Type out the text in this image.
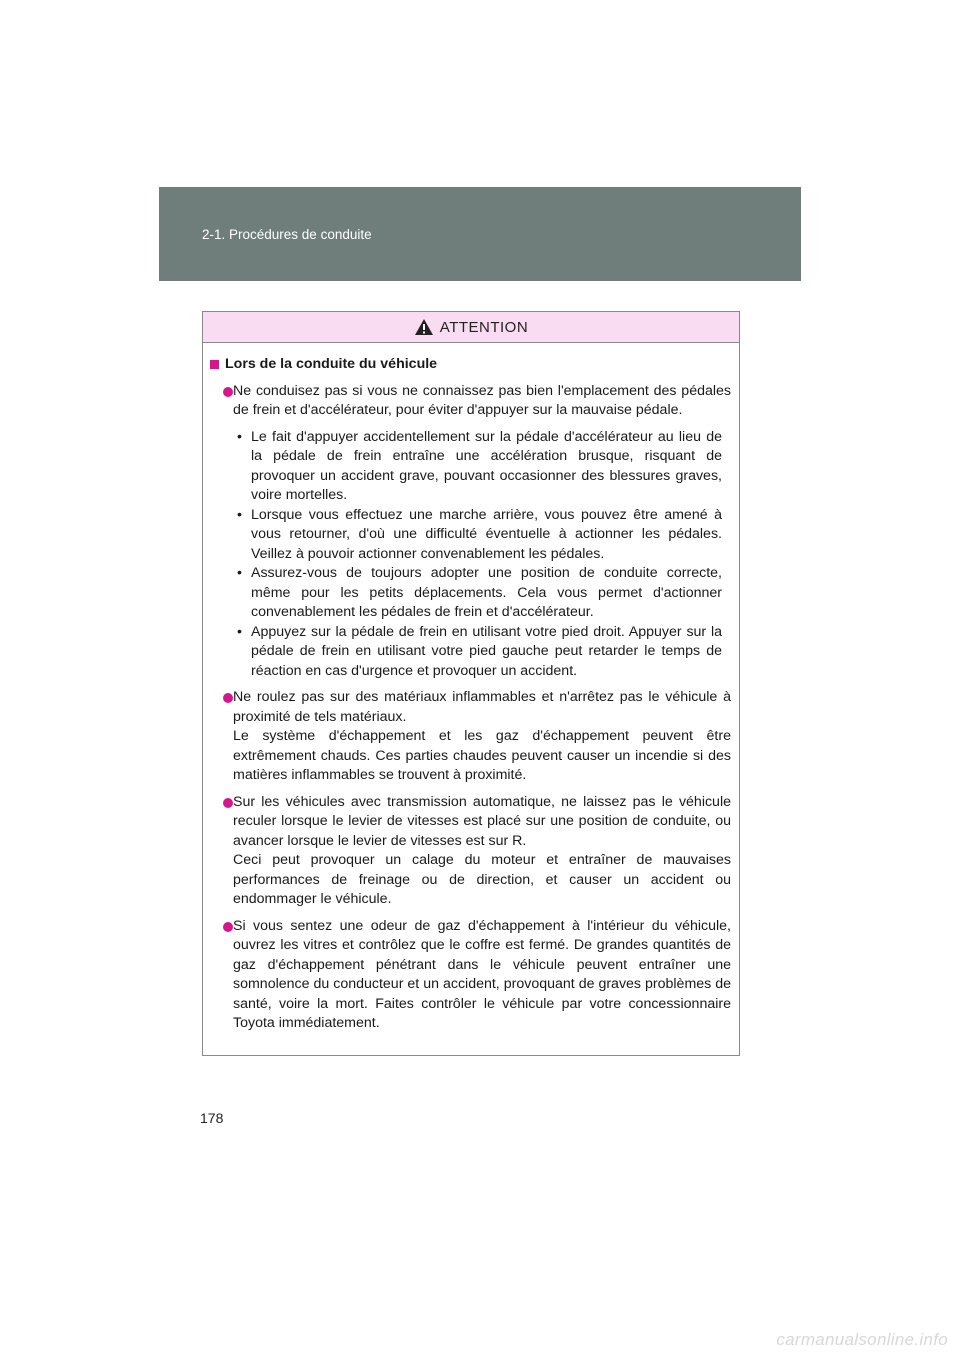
2-1. Procédures de conduite
ATTENTION
Lors de la conduite du véhicule

Ne conduisez pas si vous ne connaissez pas bien l'emplacement des pédales de frein et d'accélérateur, pour éviter d'appuyer sur la mauvaise pédale.

• Le fait d'appuyer accidentellement sur la pédale d'accélérateur au lieu de la pédale de frein entraîne une accélération brusque, risquant de provoquer un accident grave, pouvant occasionner des blessures graves, voire mortelles.
• Lorsque vous effectuez une marche arrière, vous pouvez être amené à vous retourner, d'où une difficulté éventuelle à actionner les pédales. Veillez à pouvoir actionner convenablement les pédales.
• Assurez-vous de toujours adopter une position de conduite correcte, même pour les petits déplacements. Cela vous permet d'actionner convenablement les pédales de frein et d'accélérateur.
• Appuyez sur la pédale de frein en utilisant votre pied droit. Appuyer sur la pédale de frein en utilisant votre pied gauche peut retarder le temps de réaction en cas d'urgence et provoquer un accident.

Ne roulez pas sur des matériaux inflammables et n'arrêtez pas le véhicule à proximité de tels matériaux.

Le système d'échappement et les gaz d'échappement peuvent être extrêmement chauds. Ces parties chaudes peuvent causer un incendie si des matières inflammables se trouvent à proximité.

Sur les véhicules avec transmission automatique, ne laissez pas le véhicule reculer lorsque le levier de vitesses est placé sur une position de conduite, ou avancer lorsque le levier de vitesses est sur R.

Ceci peut provoquer un calage du moteur et entraîner de mauvaises performances de freinage ou de direction, et causer un accident ou endommager le véhicule.

Si vous sentez une odeur de gaz d'échappement à l'intérieur du véhicule, ouvrez les vitres et contrôlez que le coffre est fermé. De grandes quantités de gaz d'échappement pénétrant dans le véhicule peuvent entraîner une somnolence du conducteur et un accident, provoquant de graves problèmes de santé, voire la mort. Faites contrôler le véhicule par votre concessionnaire Toyota immédiatement.

178
carmanualsonline.info
